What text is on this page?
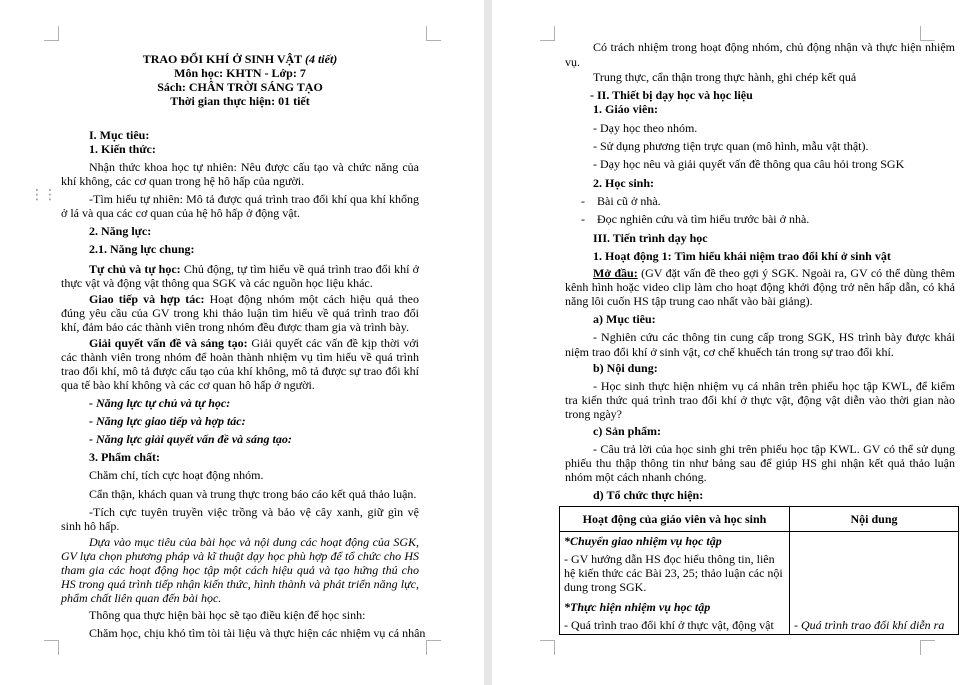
TRAO ĐỔI KHÍ Ở SINH VẬT (4 tiết)
Môn học: KHTN - Lớp: 7
Sách: CHÂN TRỜI SÁNG TẠO
Thời gian thực hiện: 01 tiết
I. Mục tiêu:
1. Kiến thức:
Nhận thức khoa học tự nhiên: Nêu được cấu tạo và chức năng của khí không, các cơ quan trong hệ hô hấp của người.
⋮⋮	-Tìm hiểu tự nhiên: Mô tả được quá trình trao đổi khí qua khí khổng ở lá và qua các cơ quan của hệ hô hấp ở động vật.
2. Năng lực:
2.1. Năng lực chung:
Tự chủ và tự học: Chủ động, tự tìm hiểu về quá trình trao đổi khí ở thực vật và động vật thông qua SGK và các nguồn học liệu khác.
Giao tiếp và hợp tác: Hoạt động nhóm một cách hiệu quả theo đúng yêu cầu của GV trong khi thảo luận tìm hiểu về quá trình trao đổi khí, đảm bảo các thành viên trong nhóm đều được tham gia và trình bày.
Giải quyết vấn đề và sáng tạo: Giải quyết các vấn đề kịp thời với các thành viên trong nhóm để hoàn thành nhiệm vụ tìm hiểu về quá trình trao đổi khí, mô tả được cấu tạo của khí không, mô tả được sự trao đổi khí qua tế bào khí không và các cơ quan hô hấp ở người.
- Năng lực tự chủ và tự học:
- Năng lực giao tiếp và hợp tác:
- Năng lực giải quyết vấn đề và sáng tạo:
3. Phẩm chất:
Chăm chỉ, tích cực hoạt động nhóm.
Cẩn thận, khách quan và trung thực trong báo cáo kết quả thảo luận.
-Tích cực tuyên truyền việc trồng và bảo vệ cây xanh, giữ gìn vệ sinh hô hấp.
Dựa vào mục tiêu của bài học và nội dung các hoạt động của SGK, GV lựa chọn phương pháp và kĩ thuật dạy học phù hợp để tổ chức cho HS tham gia các hoạt động học tập một cách hiệu quả và tạo hứng thú cho HS trong quá trình tiếp nhận kiến thức, hình thành và phát triển năng lực, phẩm chất liên quan đến bài học.
Thông qua thực hiện bài học sẽ tạo điều kiện để học sinh:
Chăm học, chịu khó tìm tòi tài liệu và thực hiện các nhiệm vụ cá nhân
Có trách nhiệm trong hoạt động nhóm, chủ động nhận và thực hiện nhiệm vụ.
Trung thực, cẩn thận trong thực hành, ghi chép kết quả
- II. Thiết bị dạy học và học liệu
1. Giáo viên:
- Dạy học theo nhóm.
- Sử dụng phương tiện trực quan (mô hình, mẫu vật thật).
- Dạy học nêu và giải quyết vấn đề thông qua câu hỏi trong SGK
2. Học sinh:
- Bài cũ ở nhà.
- Đọc nghiên cứu và tìm hiểu trước bài ở nhà.
III. Tiến trình dạy học
1. Hoạt động 1: Tìm hiểu khái niệm trao đổi khí ở sinh vật
Mở đầu: (GV đặt vấn đề theo gợi ý SGK. Ngoài ra, GV có thể dùng thêm kênh hình hoặc video clip làm cho hoạt động khởi động trở nên hấp dẫn, có khả năng lôi cuốn HS tập trung cao nhất vào bài giảng).
a) Mục tiêu:
- Nghiên cứu các thông tin cung cấp trong SGK, HS trình bày được khái niệm trao đổi khí ở sinh vật, cơ chế khuếch tán trong sự trao đổi khí.
b) Nội dung:
- Học sinh thực hiện nhiệm vụ cá nhân trên phiếu học tập KWL, để kiểm tra kiến thức quá trình trao đổi khí ở thực vật, động vật diễn vào thời gian nào trong ngày?
c) Sản phẩm:
- Câu trả lời của học sinh ghi trên phiếu học tập KWL. GV có thể sử dụng phiếu thu thập thông tin như bảng sau để giúp HS ghi nhận kết quả thảo luận nhóm một cách nhanh chóng.
d) Tổ chức thực hiện:
Hoạt động của giáo viên và học sinh	Nội dung

*Chuyển giao nhiệm vụ học tập
- GV hướng dẫn HS đọc hiểu thông tin, liên hệ kiến thức các Bài 23, 25; thảo luận các nội dung trong SGK.
*Thực hiện nhiệm vụ học tập
- Quá trình trao đổi khí ở thực vật, động vật	- Quá trình trao đổi khí diễn ra
